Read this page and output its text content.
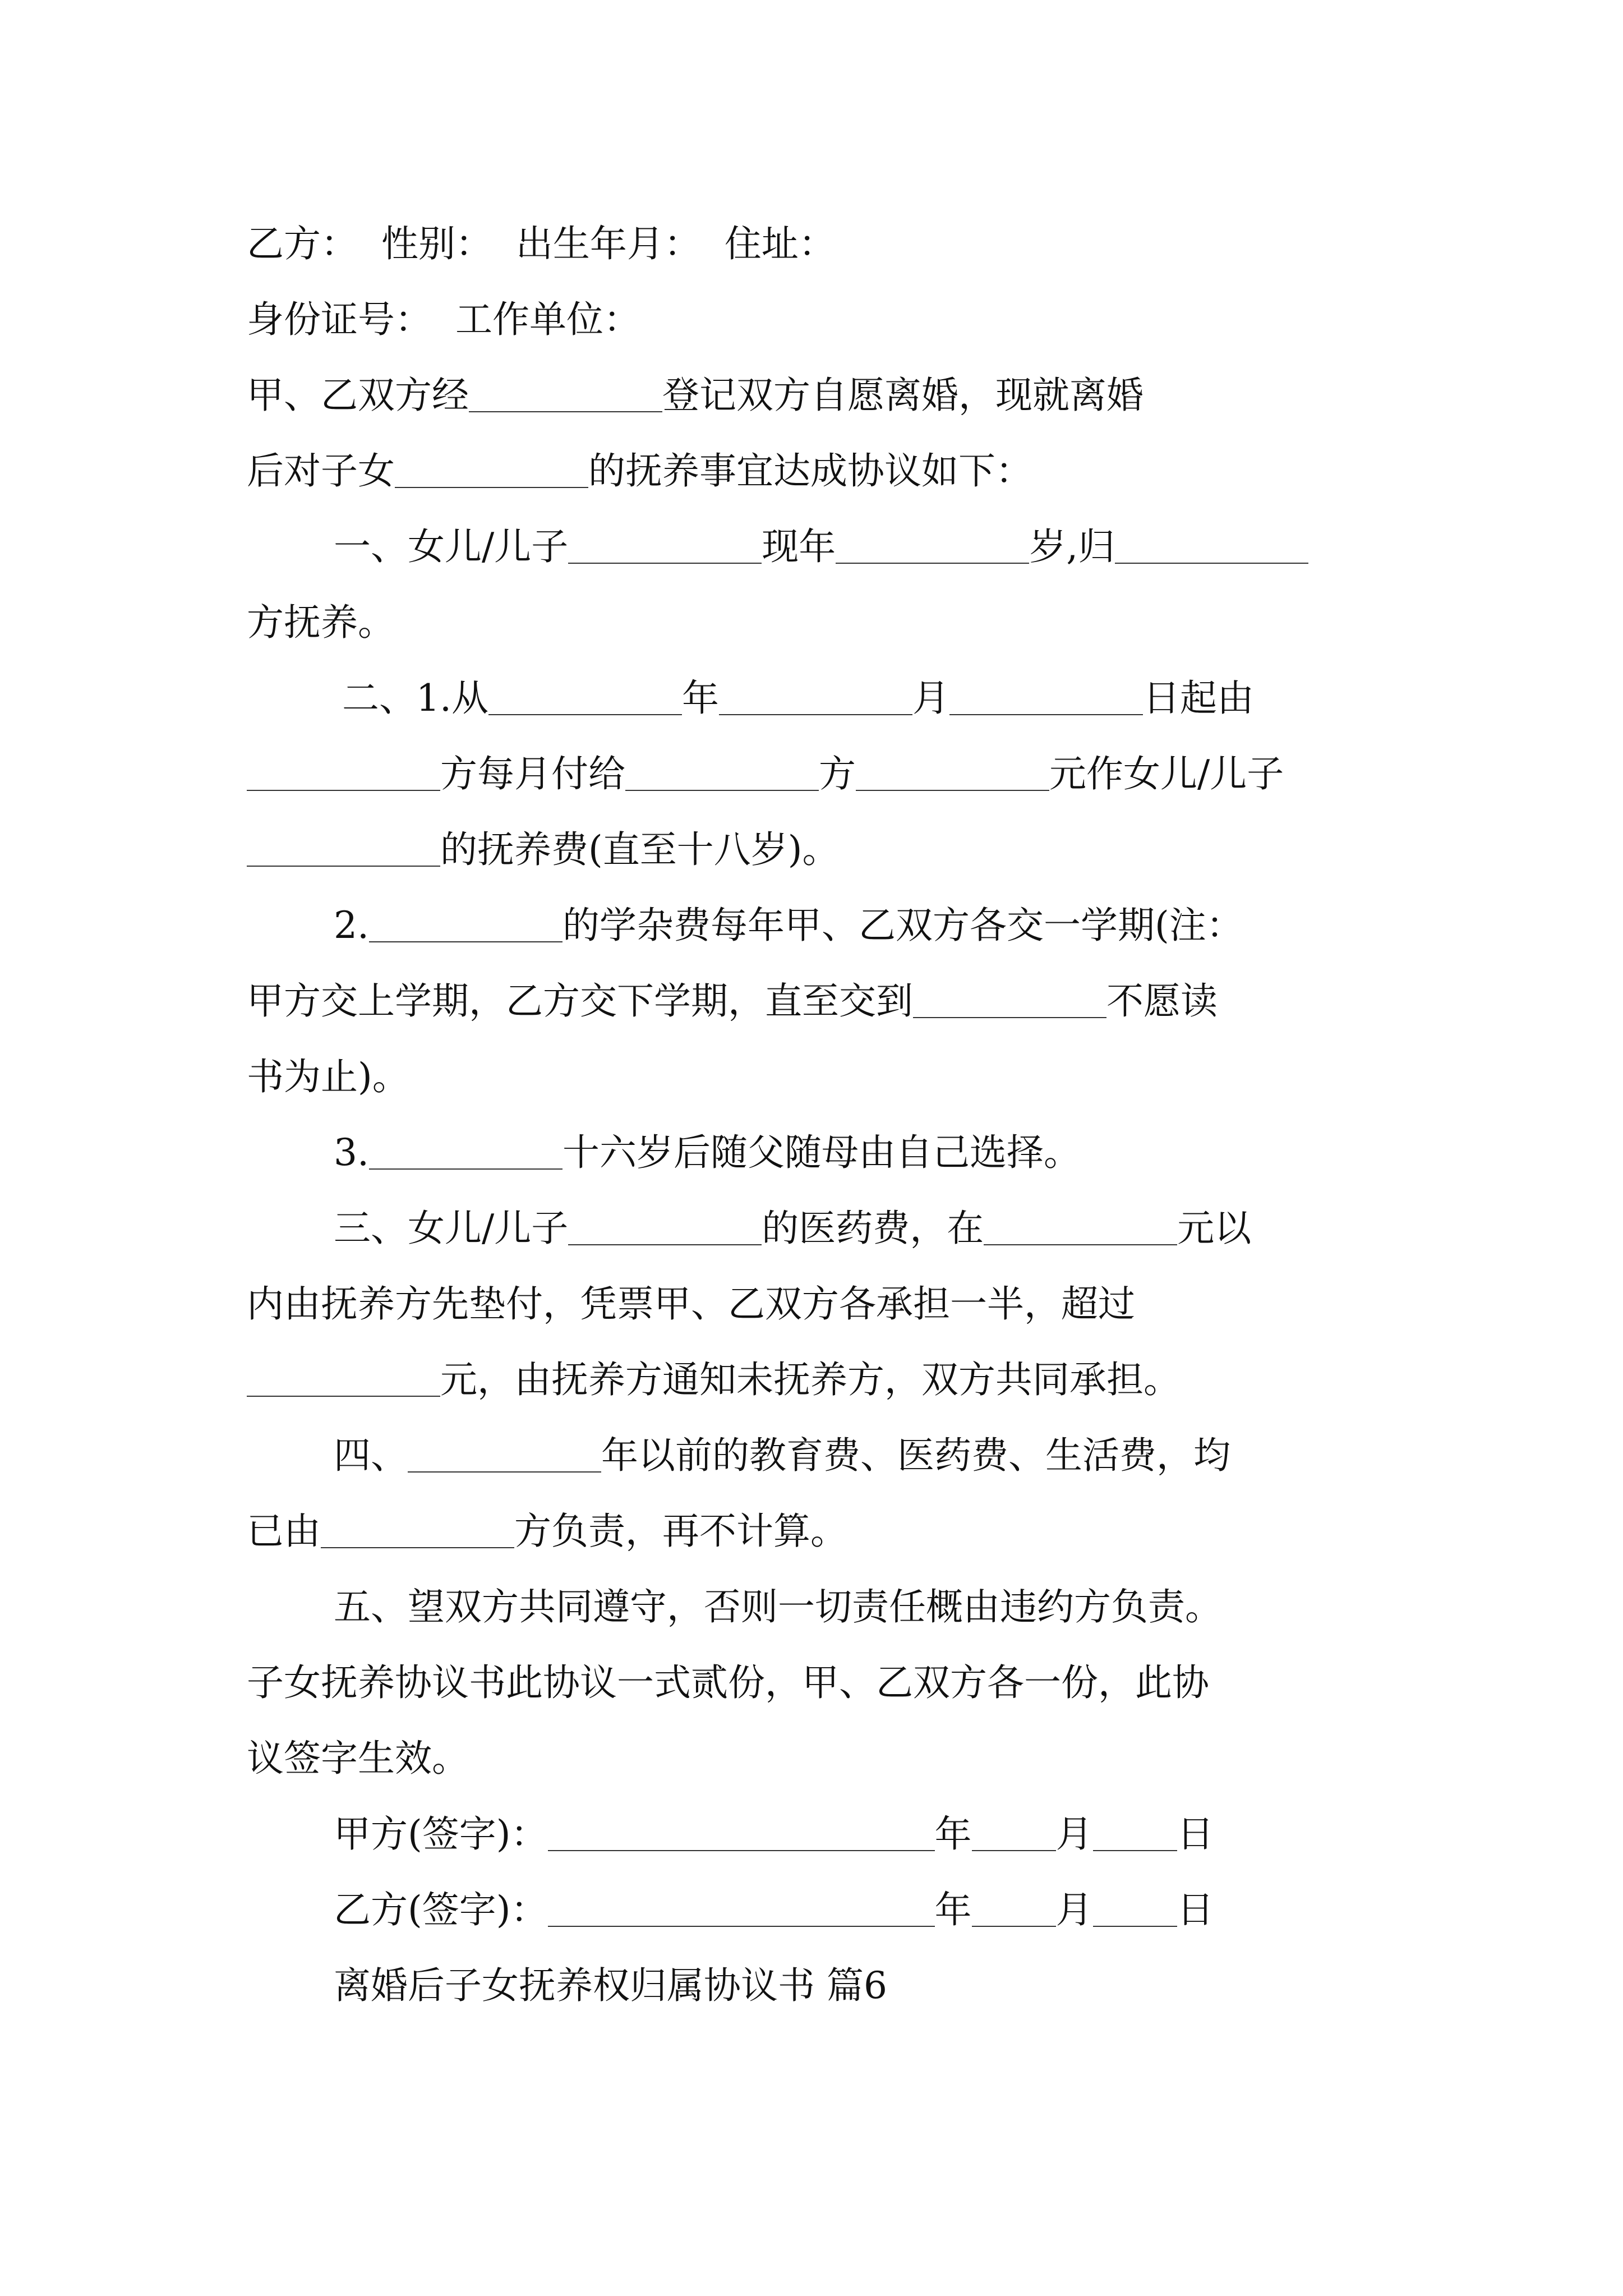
乙方：  性别：  出生年月：  住址：
身份证号：  工作单位：
甲、乙双方经	登记双方自愿离婚，现就离婚
后对子女	的抚养事宜达成协议如下：
一、女儿/儿子	现年	岁,归
方抚养。
二、1.从	年	月	日起由
方每月付给	方	元作女儿/儿子
的抚养费(直至十八岁)。
2.	的学杂费每年甲、乙双方各交一学期(注：
甲方交上学期，乙方交下学期，直至交到	不愿读
书为止)。
3.	十六岁后随父随母由自己选择。
三、女儿/儿子	的医药费，在	元以
内由抚养方先垫付，凭票甲、乙双方各承担一半，超过
元，由抚养方通知未抚养方，双方共同承担。
四、	年以前的教育费、医药费、生活费，均
已由	方负责，再不计算。
五、望双方共同遵守，否则一切责任概由违约方负责。
子女抚养协议书此协议一式贰份，甲、乙双方各一份，此协
议签字生效。
甲方(签字)：	年 月 日
乙方(签字)：	年 月 日
离婚后子女抚养权归属协议书 篇6
